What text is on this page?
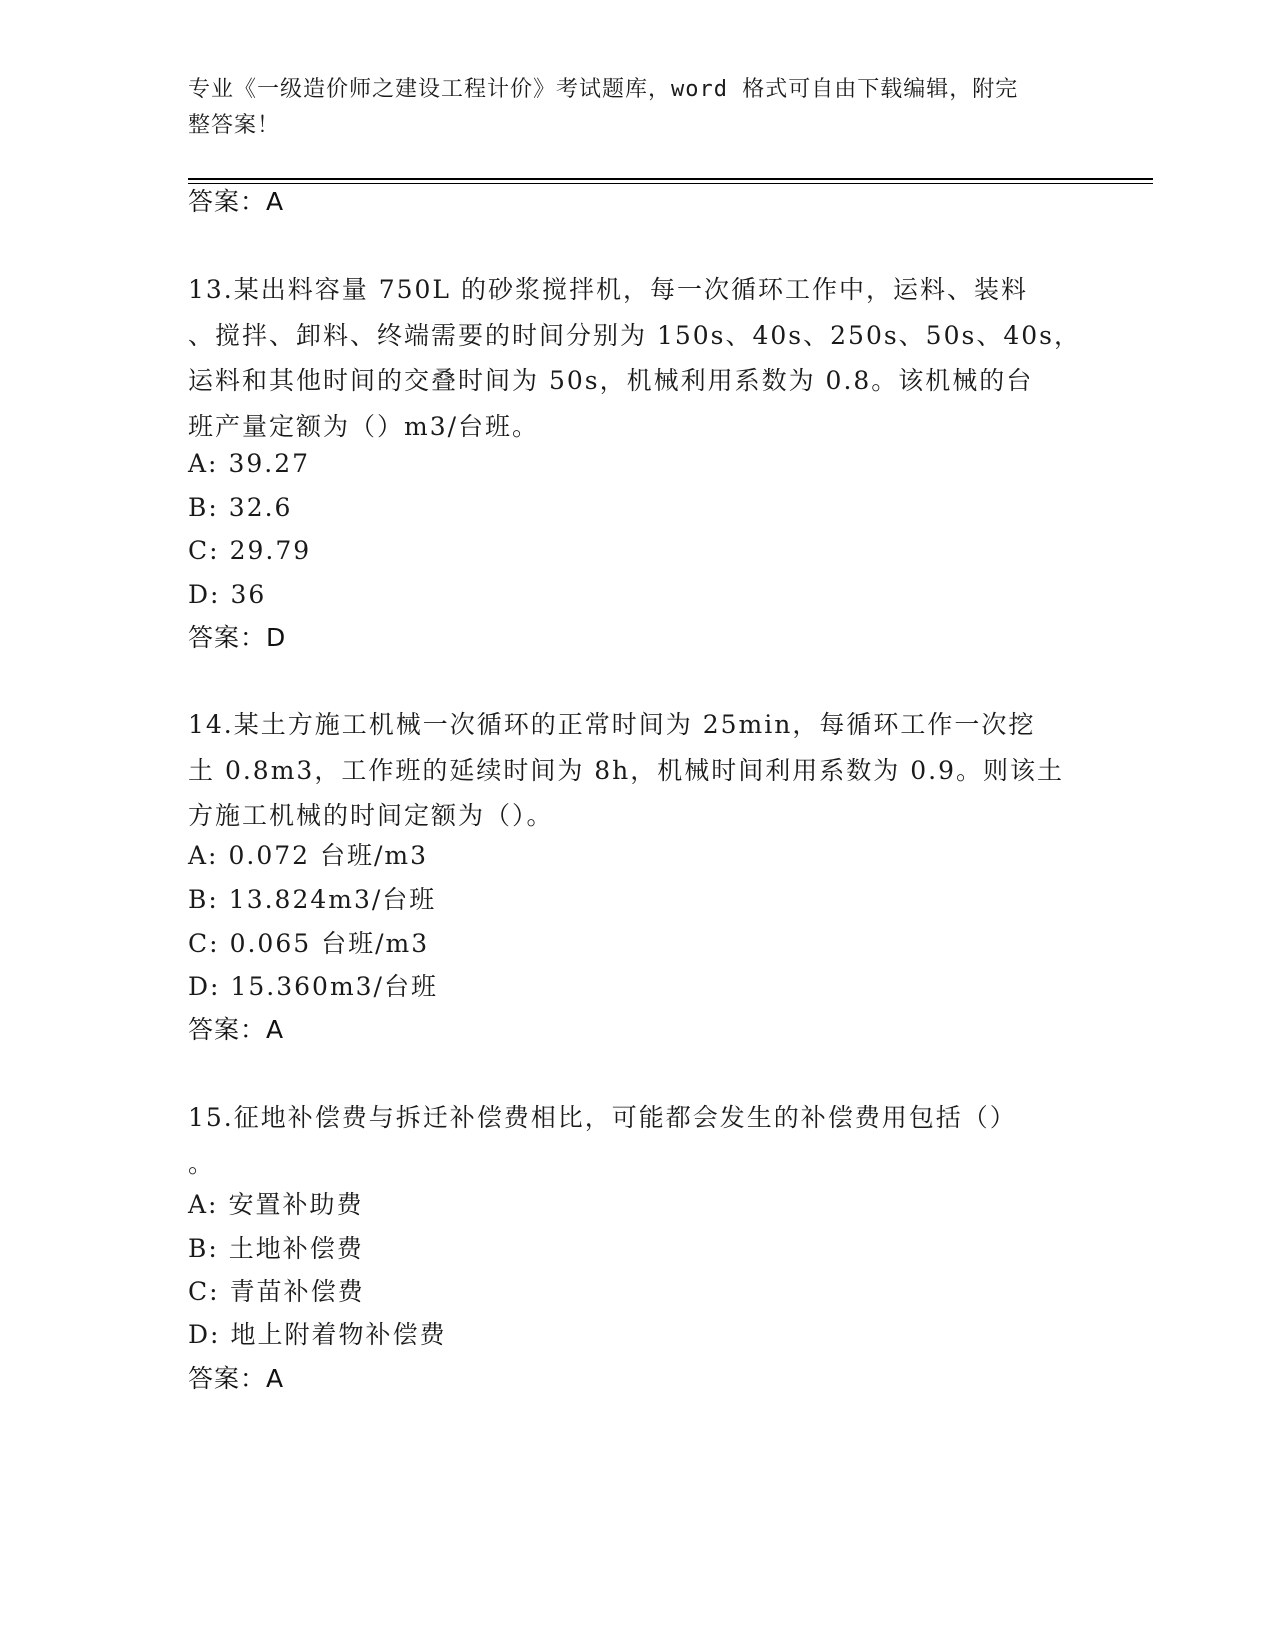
专业《一级造价师之建设工程计价》考试题库，word 格式可自由下载编辑，附完
整答案！
答案：A
13.某出料容量 750L 的砂浆搅拌机，每一次循环工作中，运料、装料
、搅拌、卸料、终端需要的时间分别为 150s、40s、250s、50s、40s，
运料和其他时间的交叠时间为 50s，机械利用系数为 0.8。该机械的台
班产量定额为（）m3/台班。
A: 39.27
B: 32.6
C: 29.79
D: 36
答案：D
14.某土方施工机械一次循环的正常时间为 25min，每循环工作一次挖
土 0.8m3，工作班的延续时间为 8h，机械时间利用系数为 0.9。则该土
方施工机械的时间定额为（）。
A: 0.072 台班/m3
B: 13.824m3/台班
C: 0.065 台班/m3
D: 15.360m3/台班
答案：A
15.征地补偿费与拆迁补偿费相比，可能都会发生的补偿费用包括（）
。
A: 安置补助费
B: 土地补偿费
C: 青苗补偿费
D: 地上附着物补偿费
答案：A
